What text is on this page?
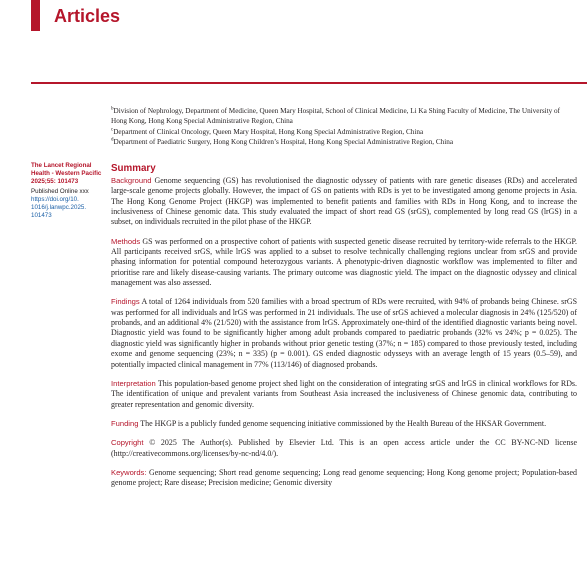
Articles

$^b$Division of Nephrology, Department of Medicine, Queen Mary Hospital, School of Clinical Medicine, Li Ka Shing Faculty of Medicine, The University of Hong Kong, Hong Kong Special Administrative Region, China

$^c$Department of Clinical Oncology, Queen Mary Hospital, Hong Kong Special Administrative Region, China

$^d$Department of Paediatric Surgery, Hong Kong Children’s Hospital, Hong Kong Special Administrative Region, China

The Lancet Regional
Health - Western Pacific
2025;55: 101473
Published Online xxx
https://doi.org/10.
1016/j.lanwpc.2025.
101473
Summary

Background Genome sequencing (GS) has revolutionised the diagnostic odyssey of patients with rare genetic diseases (RDs) and accelerated large-scale genome projects globally. However, the impact of GS on patients with RDs is yet to be investigated among genome projects in Asia. The Hong Kong Genome Project (HKGP) was implemented to benefit patients and families with RDs in Hong Kong, and to increase the inclusiveness of Chinese genomic data. This study evaluated the impact of short read GS (srGS), complemented by long read GS (lrGS) in a subset, on individuals recruited in the pilot phase of the HKGP.

Methods GS was performed on a prospective cohort of patients with suspected genetic disease recruited by territory-wide referrals to the HKGP. All participants received srGS, while lrGS was applied to a subset to resolve technically challenging regions unclear from srGS and provide phasing information for potential compound heterozygous variants. A phenotypic-driven diagnostic workflow was implemented to filter and prioritise rare and likely disease-causing variants. The primary outcome was diagnostic yield. The impact on the diagnostic odyssey and clinical management was also assessed.

Findings A total of 1264 individuals from 520 families with a broad spectrum of RDs were recruited, with 94% of probands being Chinese. srGS was performed for all individuals and lrGS was performed in 21 individuals. The use of srGS achieved a molecular diagnosis in 24% (125/520) of probands, and an additional 4% (21/520) with the assistance from lrGS. Approximately one-third of the identified diagnostic variants being novel. Diagnostic yield was found to be significantly higher among adult probands compared to paediatric probands (32% vs 24%; p = 0.025). The diagnostic yield was significantly higher in probands without prior genetic testing (37%; n = 185) compared to those previously tested, including exome and genome sequencing (23%; n = 335) (p = 0.001). GS ended diagnostic odysseys with an average length of 15 years (0.5–59), and potentially impacted clinical management in 77% (113/146) of diagnosed probands.

Interpretation This population-based genome project shed light on the consideration of integrating srGS and lrGS in clinical workflows for RDs. The identification of unique and prevalent variants from Southeast Asia increased the inclusiveness of Chinese genomic data, contributing to greater representation and genomic diversity.

Funding The HKGP is a publicly funded genome sequencing initiative commissioned by the Health Bureau of the HKSAR Government.

Copyright © 2025 The Author(s). Published by Elsevier Ltd. This is an open access article under the CC BY-NC-ND license (http://creativecommons.org/licenses/by-nc-nd/4.0/).

Keywords: Genome sequencing; Short read genome sequencing; Long read genome sequencing; Hong Kong genome project; Population-based genome project; Rare disease; Precision medicine; Genomic diversity
